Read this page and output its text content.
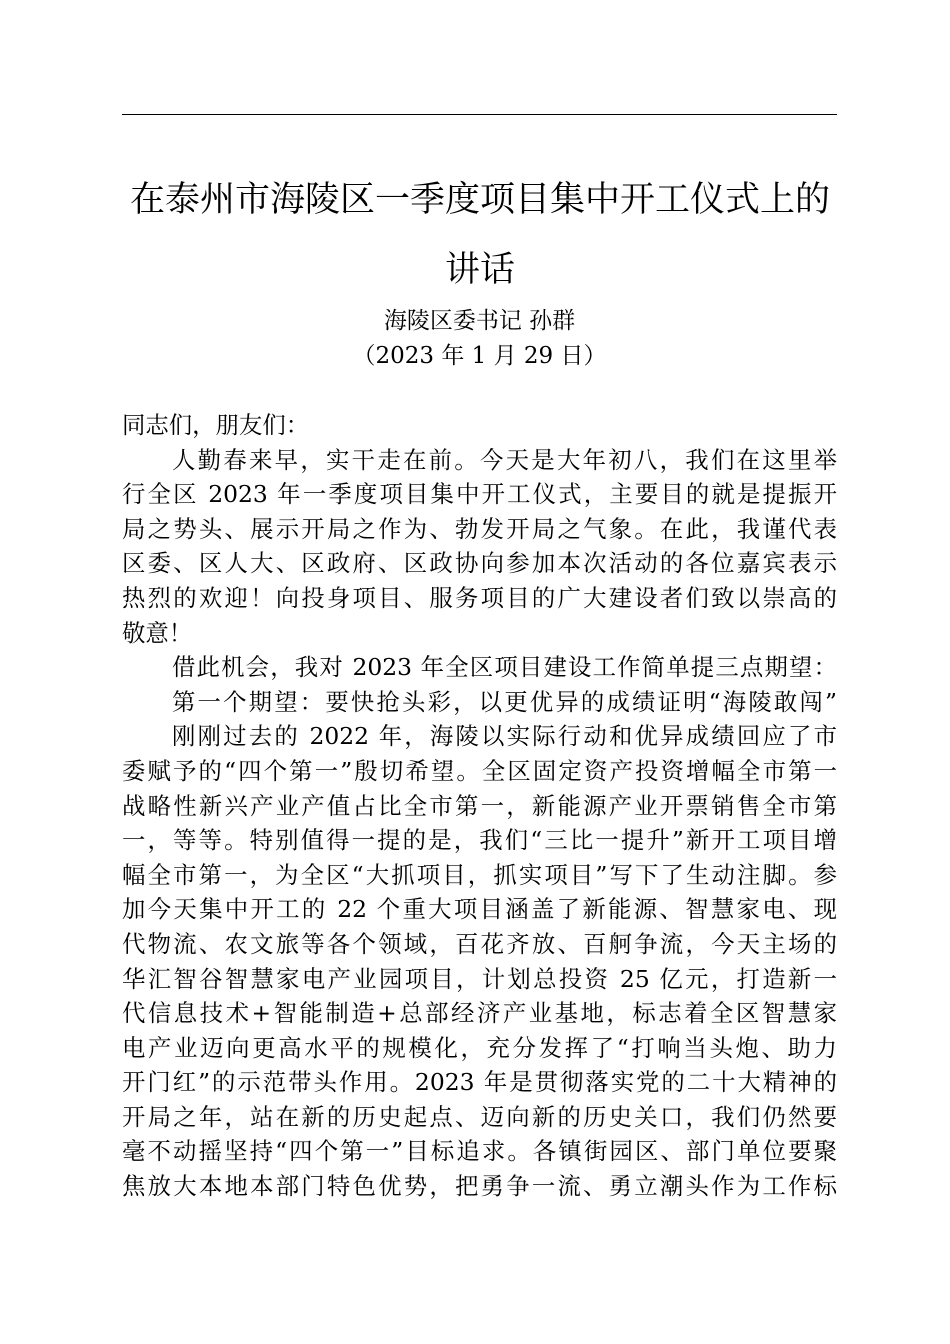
在泰州市海陵区一季度项目集中开工仪式上的
讲话
海陵区委书记 孙群
（2023 年 1 月 29 日）
同志们，朋友们：
人勤春来早，实干走在前。今天是大年初八，我们在这里举
行全区 2023 年一季度项目集中开工仪式，主要目的就是提振开
局之势头、展示开局之作为、勃发开局之气象。在此，我谨代表
区委、区人大、区政府、区政协向参加本次活动的各位嘉宾表示
热烈的欢迎！向投身项目、服务项目的广大建设者们致以崇高的
敬意！
借此机会，我对 2023 年全区项目建设工作简单提三点期望：
第一个期望：要快抢头彩，以更优异的成绩证明“海陵敢闯”
刚刚过去的 2022 年，海陵以实际行动和优异成绩回应了市
委赋予的“四个第一”殷切希望。全区固定资产投资增幅全市第一
战略性新兴产业产值占比全市第一，新能源产业开票销售全市第
一，等等。特别值得一提的是，我们“三比一提升”新开工项目增
幅全市第一，为全区“大抓项目，抓实项目”写下了生动注脚。参
加今天集中开工的 22 个重大项目涵盖了新能源、智慧家电、现
代物流、农文旅等各个领域，百花齐放、百舸争流，今天主场的
华汇智谷智慧家电产业园项目，计划总投资 25 亿元，打造新一
代信息技术+智能制造+总部经济产业基地，标志着全区智慧家
电产业迈向更高水平的规模化，充分发挥了“打响当头炮、助力
开门红”的示范带头作用。2023 年是贯彻落实党的二十大精神的
开局之年，站在新的历史起点、迈向新的历史关口，我们仍然要
毫不动摇坚持“四个第一”目标追求。各镇街园区、部门单位要聚
焦放大本地本部门特色优势，把勇争一流、勇立潮头作为工作标
